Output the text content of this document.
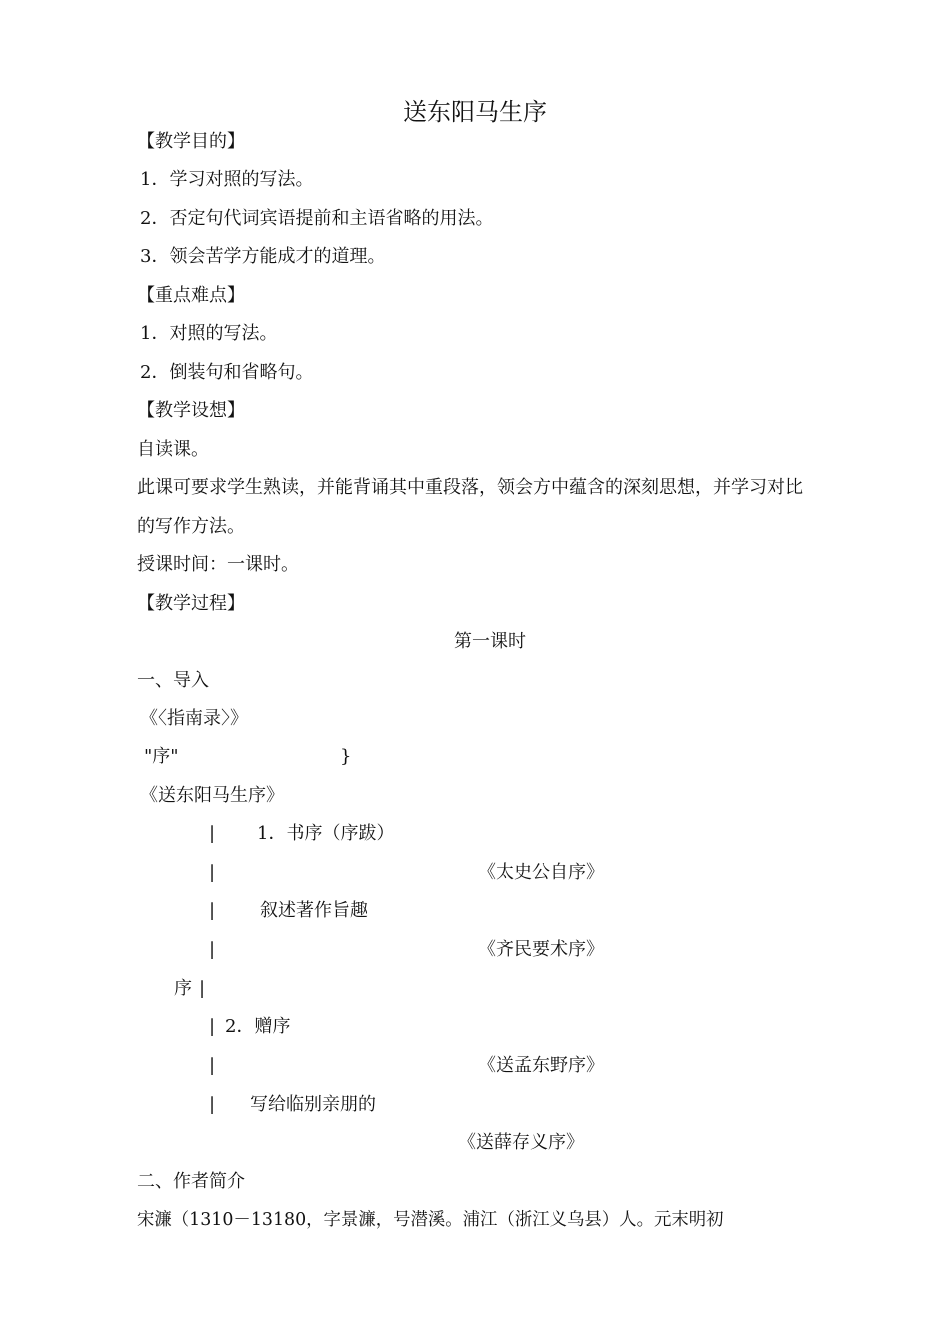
送东阳马生序
【教学目的】
1．学习对照的写法。
2．否定句代词宾语提前和主语省略的用法。
3．领会苦学方能成才的道理。
【重点难点】
1．对照的写法。
2．倒装句和省略句。
【教学设想】
自读课。
此课可要求学生熟读，并能背诵其中重段落，领会方中蕴含的深刻思想，并学习对比
的写作方法。
授课时间：一课时。
【教学过程】
第一课时
一、导入
《〈指南录〉》
"序"	}
《送东阳马生序》
| 1．书序（序跋）
|	《太史公自序》
| 叙述著作旨趣
|	《齐民要术序》
序 |
| 2．赠序
|	《送孟东野序》
| 写给临别亲朋的
《送薛存义序》
二、作者简介
宋濂（1310－13180，字景濂，号潜溪。浦江（浙江义乌县）人。元末明初
